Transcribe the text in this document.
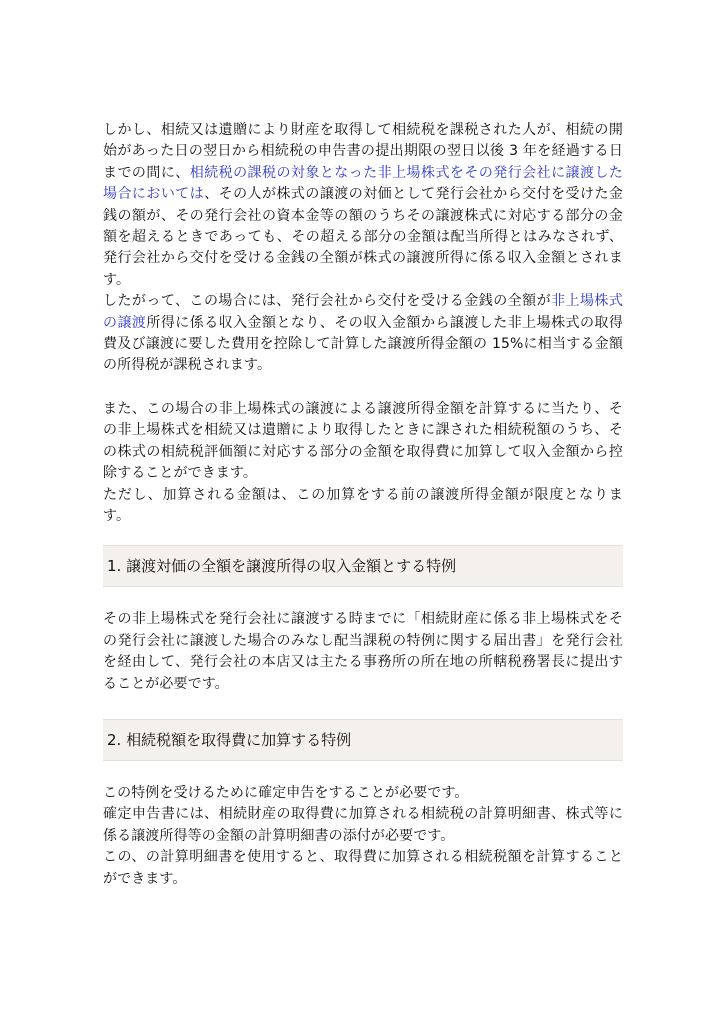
しかし、相続又は遺贈により財産を取得して相続税を課税された人が、相続の開始があった日の翌日から相続税の申告書の提出期限の翌日以後 3 年を経過する日までの間に、相続税の課税の対象となった非上場株式をその発行会社に譲渡した場合においては、その人が株式の譲渡の対価として発行会社から交付を受けた金銭の額が、その発行会社の資本金等の額のうちその譲渡株式に対応する部分の金額を超えるときであっても、その超える部分の金額は配当所得とはみなされず、発行会社から交付を受ける金銭の全額が株式の譲渡所得に係る収入金額とされます。

したがって、この場合には、発行会社から交付を受ける金銭の全額が非上場株式の譲渡所得に係る収入金額となり、その収入金額から譲渡した非上場株式の取得費及び譲渡に要した費用を控除して計算した譲渡所得金額の 15%に相当する金額の所得税が課税されます。

また、この場合の非上場株式の譲渡による譲渡所得金額を計算するに当たり、その非上場株式を相続又は遺贈により取得したときに課された相続税額のうち、その株式の相続税評価額に対応する部分の金額を取得費に加算して収入金額から控除することができます。

ただし、加算される金額は、この加算をする前の譲渡所得金額が限度となります。

1. 譲渡対価の全額を譲渡所得の収入金額とする特例

その非上場株式を発行会社に譲渡する時までに「相続財産に係る非上場株式をその発行会社に譲渡した場合のみなし配当課税の特例に関する届出書」を発行会社を経由して、発行会社の本店又は主たる事務所の所在地の所轄税務署長に提出することが必要です。

2. 相続税額を取得費に加算する特例

この特例を受けるために確定申告をすることが必要です。

確定申告書には、相続財産の取得費に加算される相続税の計算明細書、株式等に係る譲渡所得等の金額の計算明細書の添付が必要です。

この、の計算明細書を使用すると、取得費に加算される相続税額を計算することができます。
